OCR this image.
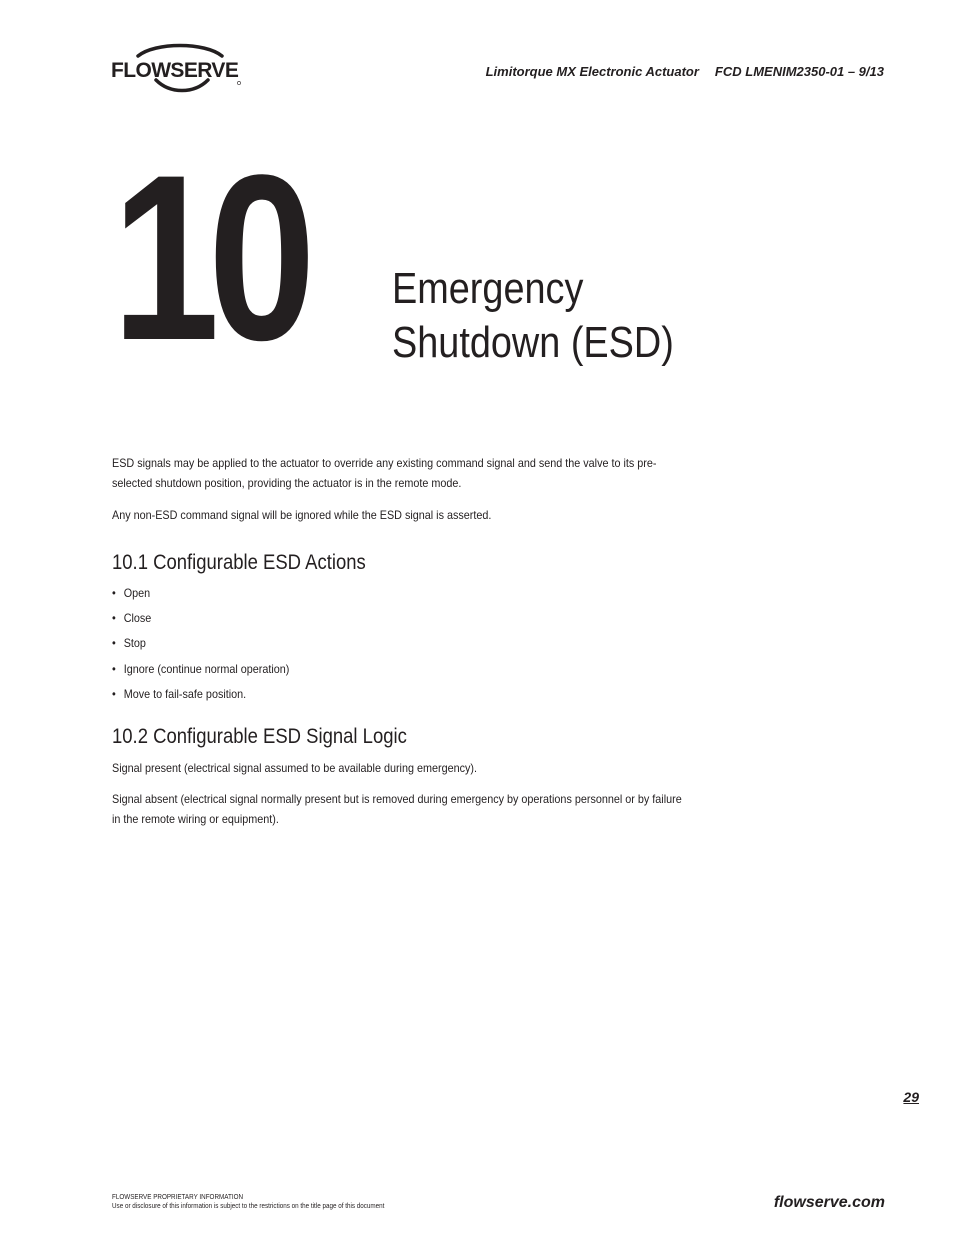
FLOWSERVE	Limitorque MX Electronic Actuator FCD LMENIM2350-01 – 9/13
10 Emergency
Shutdown (ESD)
ESD signals may be applied to the actuator to override any existing command signal and send the valve to its pre-
selected shutdown position, providing the actuator is in the remote mode.
Any non-ESD command signal will be ignored while the ESD signal is asserted.
10.1 Configurable ESD Actions
• Open
• Close
• Stop
• Ignore (continue normal operation)
• Move to fail-safe position.
10.2 Configurable ESD Signal Logic
Signal present (electrical signal assumed to be available during emergency).
Signal absent (electrical signal normally present but is removed during emergency by operations personnel or by failure
in the remote wiring or equipment).
29
FLOWSERVE PROPRIETARY INFORMATION
Use or disclosure of this information is subject to the restrictions on the title page of this document	flowserve.com
